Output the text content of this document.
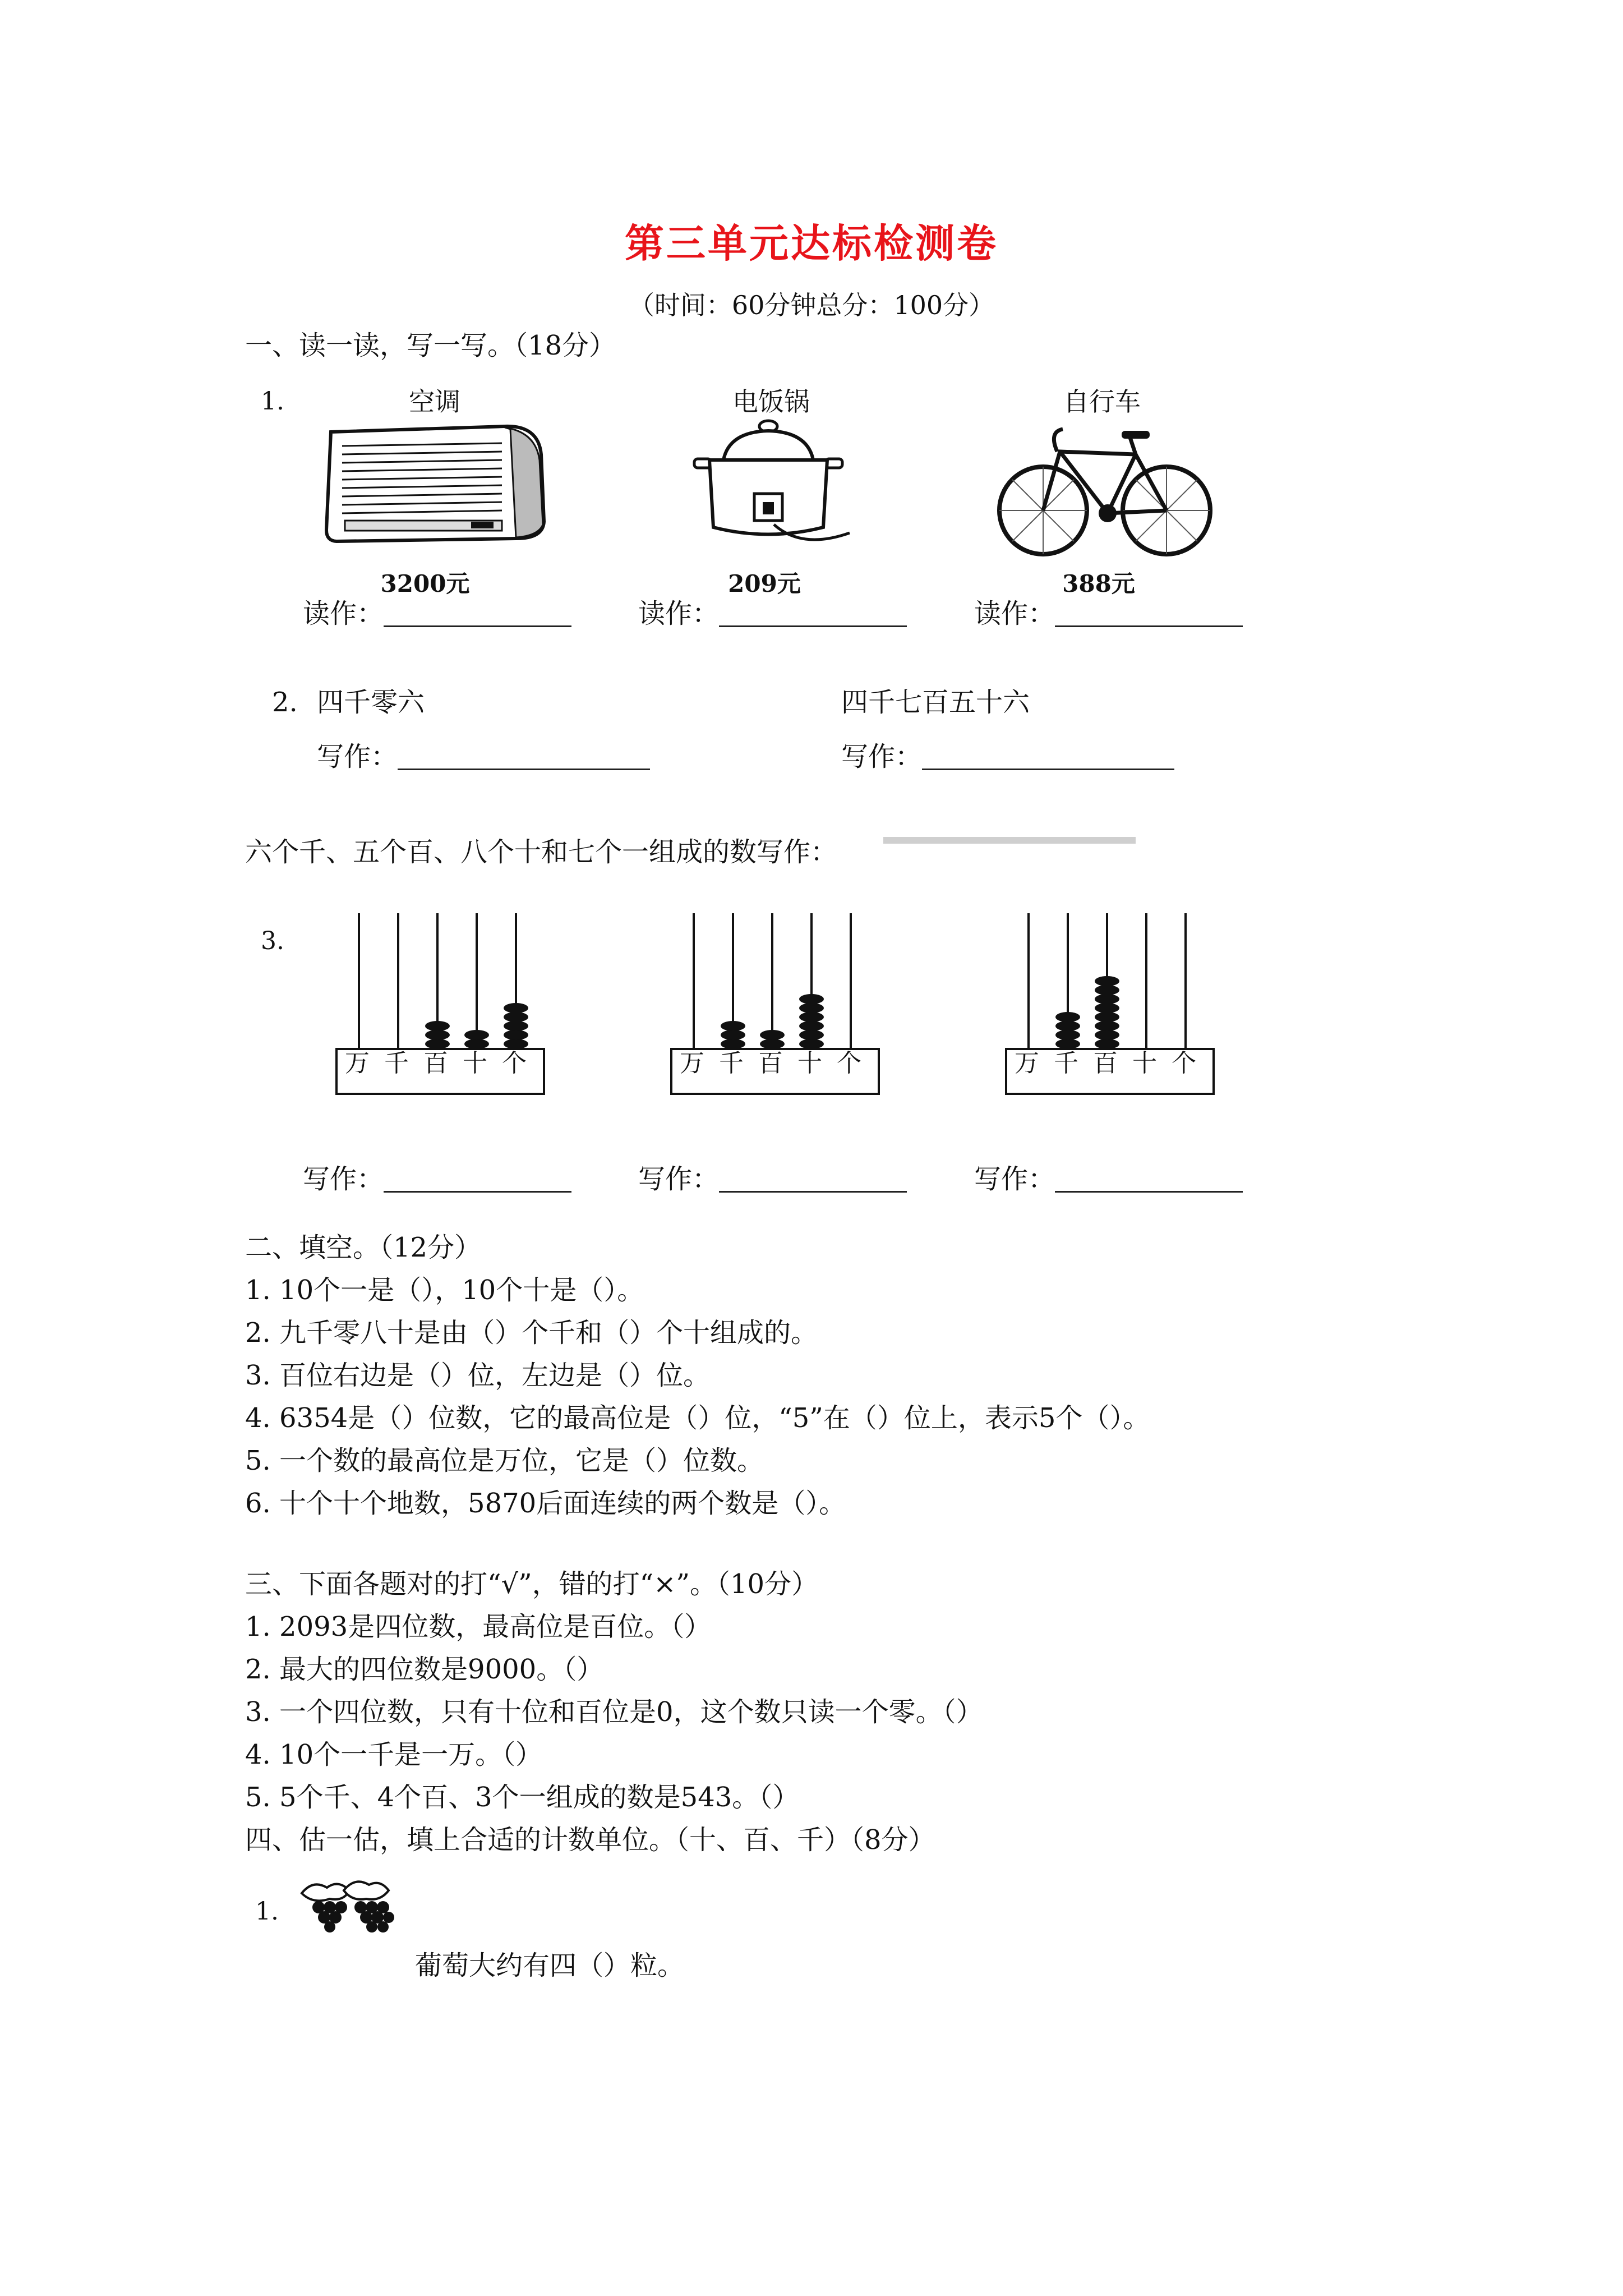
第三单元达标检测卷
（时间：60分钟总分：100分）
一、读一读，写一写。（18分）
1.	空调	电饭锅	自行车
3200元	209元	388元
读作：	读作：	读作：
2. 四千零六	四千七百五十六
写作：	写作：
六个千、五个百、八个十和七个一组成的数写作：
3.
万 千 百 十 个	万 千 百 十 个	万 千 百 十 个
写作：	写作：	写作：
二、填空。（12分）
1. 10个一是（），10个十是（）。
2. 九千零八十是由（）个千和（）个十组成的。
3. 百位右边是（）位，左边是（）位。
4. 6354是（）位数，它的最高位是（）位，“5”在（）位上，表示5个（）。
5. 一个数的最高位是万位，它是（）位数。
6. 十个十个地数，5870后面连续的两个数是（）。
三、下面各题对的打“√”，错的打“×”。（10分）
1. 2093是四位数，最高位是百位。（）
2. 最大的四位数是9000。（）
3. 一个四位数，只有十位和百位是0，这个数只读一个零。（）
4. 10个一千是一万。（）
5. 5个千、4个百、3个一组成的数是543。（）
四、估一估，填上合适的计数单位。（十、百、千）（8分）
1.
葡萄大约有四（）粒。
